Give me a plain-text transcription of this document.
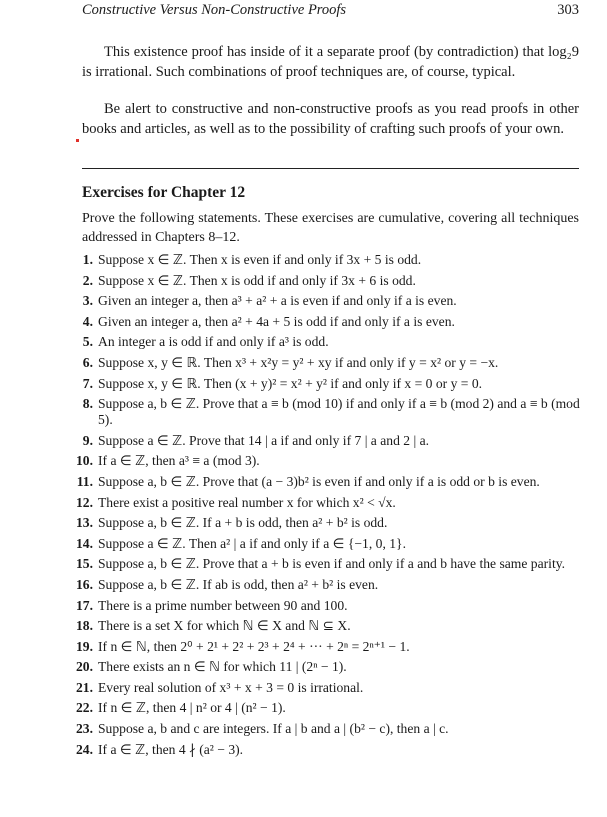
Constructive Versus Non-Constructive Proofs	303

This existence proof has inside of it a separate proof (by contradiction) that log₂9 is irrational. Such combinations of proof techniques are, of course, typical.

Be alert to constructive and non-constructive proofs as you read proofs in other books and articles, as well as to the possibility of crafting such proofs of your own.

Exercises for Chapter 12

Prove the following statements. These exercises are cumulative, covering all techniques addressed in Chapters 8–12.

1. Suppose x ∈ ℤ. Then x is even if and only if 3x + 5 is odd.
2. Suppose x ∈ ℤ. Then x is odd if and only if 3x + 6 is odd.
3. Given an integer a, then a³ + a² + a is even if and only if a is even.
4. Given an integer a, then a² + 4a + 5 is odd if and only if a is even.
5. An integer a is odd if and only if a³ is odd.
6. Suppose x, y ∈ ℝ. Then x³ + x²y = y² + xy if and only if y = x² or y = −x.
7. Suppose x, y ∈ ℝ. Then (x + y)² = x² + y² if and only if x = 0 or y = 0.
8. Suppose a, b ∈ ℤ. Prove that a ≡ b (mod 10) if and only if a ≡ b (mod 2) and a ≡ b (mod 5).
9. Suppose a ∈ ℤ. Prove that 14 | a if and only if 7 | a and 2 | a.
10. If a ∈ ℤ, then a³ ≡ a (mod 3).
11. Suppose a, b ∈ ℤ. Prove that (a − 3)b² is even if and only if a is odd or b is even.
12. There exist a positive real number x for which x² < √x.
13. Suppose a, b ∈ ℤ. If a + b is odd, then a² + b² is odd.
14. Suppose a ∈ ℤ. Then a² | a if and only if a ∈ {−1, 0, 1}.
15. Suppose a, b ∈ ℤ. Prove that a + b is even if and only if a and b have the same parity.
16. Suppose a, b ∈ ℤ. If ab is odd, then a² + b² is even.
17. There is a prime number between 90 and 100.
18. There is a set X for which ℕ ∈ X and ℕ ⊆ X.
19. If n ∈ ℕ, then 2⁰ + 2¹ + 2² + 2³ + 2⁴ + ··· + 2ⁿ = 2ⁿ⁺¹ − 1.
20. There exists an n ∈ ℕ for which 11 | (2ⁿ − 1).
21. Every real solution of x³ + x + 3 = 0 is irrational.
22. If n ∈ ℤ, then 4 | n² or 4 | (n² − 1).
23. Suppose a, b and c are integers. If a | b and a | (b² − c), then a | c.
24. If a ∈ ℤ, then 4 ∤ (a² − 3).
